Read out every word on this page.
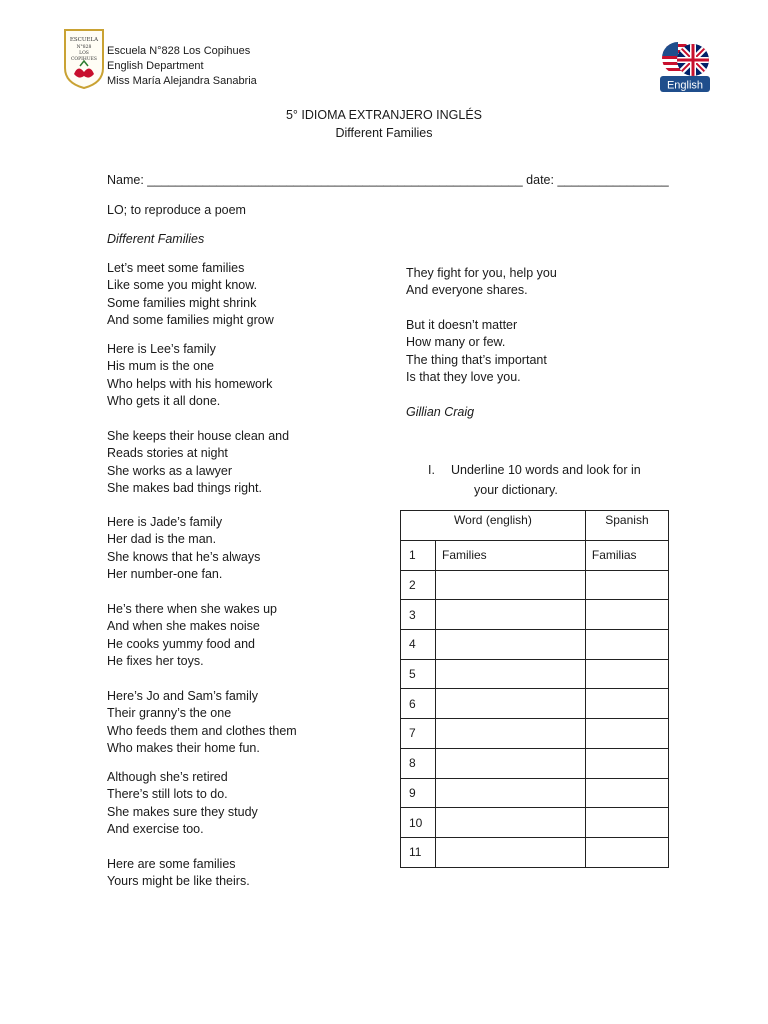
ESCUELA
N°828
LOS
COPIHUES
Escuela N°828 Los Copihues
English Department
Miss María Alejandra Sanabria	English
5° IDIOMA EXTRANJERO INGLÉS
Different Families
Name: ______________________________________________________ date: ________________
LO; to reproduce a poem
Different Families
Let’s meet some families
Like some you might know.
Some families might shrink
And some families might grow
Here is Lee’s family
His mum is the one
Who helps with his homework
Who gets it all done.
She keeps their house clean and
Reads stories at night
She works as a lawyer
She makes bad things right.
Here is Jade’s family
Her dad is the man.
She knows that he’s always
Her number-one fan.
He’s there when she wakes up
And when she makes noise
He cooks yummy food and
He fixes her toys.
Here’s Jo and Sam’s family
Their granny’s the one
Who feeds them and clothes them
Who makes their home fun.
Although she’s retired
There’s still lots to do.
She makes sure they study
And exercise too.
Here are some families
Yours might be like theirs.
They fight for you, help you
And everyone shares.
But it doesn’t matter
How many or few.
The thing that’s important
Is that they love you.
Gillian Craig
I. Underline 10 words and look for in
your dictionary.
Word (english)		Spanish
1	Families	Familias
2		
3		
4		
5		
6		
7		
8		
9		
10		
11		
